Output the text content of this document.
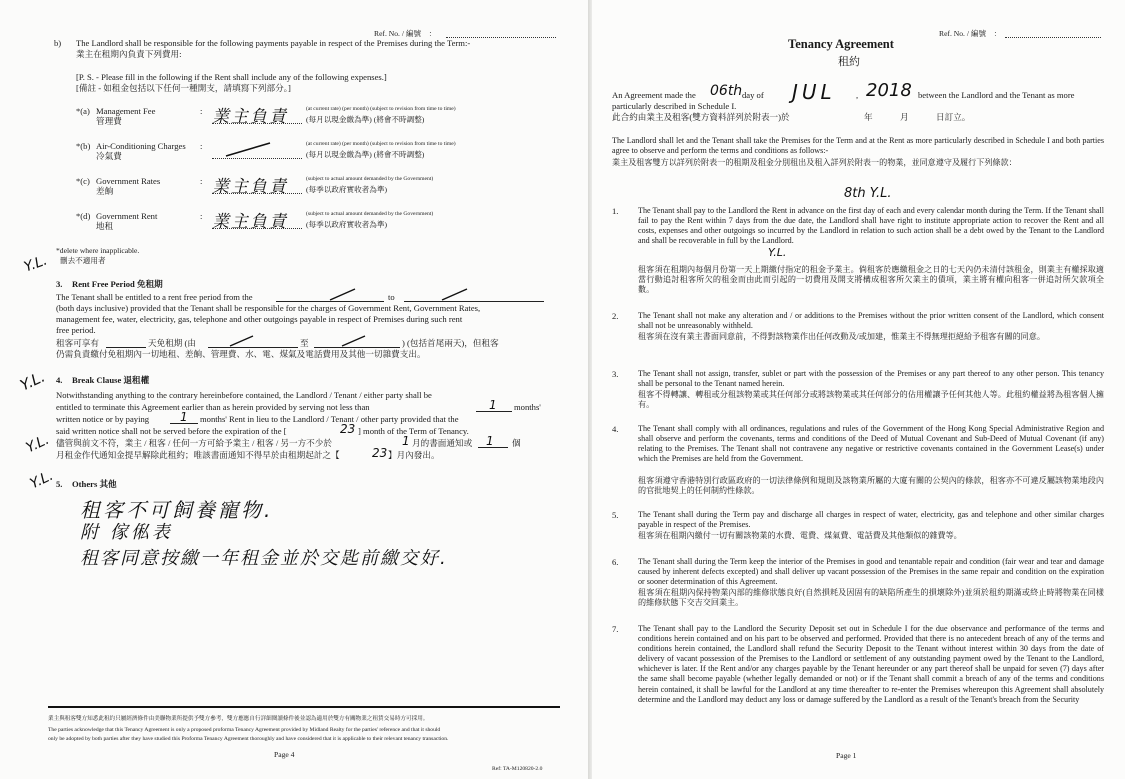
Ref. No. / 編號　：
b) The Landlord shall be responsible for the following payments payable in respect of the Premises during the Term:-
業主在租期內負責下列費用:
[P. S. - Please fill in the following if the Rent shall include any of the following expenses.]
[備註 - 如租金包括以下任何一種開支，請填寫下列部分。]
*(a) Management Fee
管理費
: 業主負責	(at current rate) (per month) (subject to revision from time to time)
(每月以現金繳為準) (將會不時調整)
*(b) Air-Conditioning Charges
冷氣費
:	(at current rate) (per month) (subject to revision from time to time)
(每月以現金繳為準) (將會不時調整)
*(c) Government Rates
差餉
: 業主負責	(subject to actual amount demanded by the Government)
(每季以政府實收者為準)
*(d) Government Rent
地租
: 業主負責	(subject to actual amount demanded by the Government)
(每季以政府實收者為準)
*delete where inapplicable.
刪去不適用者
Y.L.
Y.L.
Y.L.
Y.L.
3. Rent Free Period 免租期
The Tenant shall be entitled to a rent free period from the	to
(both days inclusive) provided that the Tenant shall be responsible for the charges of Government Rent, Government Rates,
management fee, water, electricity, gas, telephone and other outgoings payable in respect of Premises during such rent
free period.
租客可享有	天免租期 (由	至	) (包括首尾兩天)，但租客
仍需負責繳付免租期內一切地租、差餉、管理費、水、電、煤氣及電話費用及其他一切雜費支出。
4. Break Clause 退租權
Notwithstanding anything to the contrary hereinbefore contained, the Landlord / Tenant / either party shall be
entitled to terminate this Agreement earlier than as herein provided by serving not less than	1 months'
written notice or by paying	1 months' Rent in lieu to the Landlord / Tenant / other party provided that the
said written notice shall not be served before the expiration of the [	23 ] month of the Term of Tenancy.
儘管與前文不符，業主 / 租客 / 任何一方可給予業主 / 租客 / 另一方不少於	1 月的書面通知或 1 個
月租金作代通知金提早解除此租約；唯該書面通知不得早於由租期起計之【	23 】月內發出。
5. Others 其他
租客不可飼養寵物.
附 傢俬表
租客同意按繳一年租金並於交匙前繳交好.
業主與租客雙方知悉此租約只屬經濟條件由美聯物業所提供予雙方參考，雙方應應自行詳細閱讀條件後並認為適用於雙方有關物業之租賃交易時方可採用。
The parties acknowledge that this Tenancy Agreement is only a proposed proforma Tenancy Agreement provided by Midland Realty for the parties' reference and that it should
only be adopted by both parties after they have studied this Proforma Tenancy Agreement thoroughly and have considered that it is applicable to their relevant tenancy transaction.
Page 4
Ref: TA-M120820-2.0
Ref. No. / 編號　：
Tenancy Agreement
租約
An Agreement made the 06th day of JUL , 2018 between the Landlord and the Tenant as more
particularly described in Schedule I.
此合約由業主及租客(雙方資料詳列於附表一)於	年	月	日訂立。
The Landlord shall let and the Tenant shall take the Premises for the Term and at the Rent as more particularly described in Schedule I and both parties agree to observe and perform the terms and conditions as follows:-
業主及租客雙方以詳列於附表一的租期及租金分別租出及租入詳列於附表一的物業，並同意遵守及履行下列條款：
8th Y.L.
Y.L.
1. The Tenant shall pay to the Landlord the Rent in advance on the first day of each and every calendar month during the Term. If the Tenant shall fail to pay the Rent within 7 days from the due date, the Landlord shall have right to institute appropriate action to recover the Rent and all costs, expenses and other outgoings so incurred by the Landlord in relation to such action shall be a debt owed by the Tenant to the Landlord and shall be recoverable in full by the Landlord.
租客須在租期內每個月份第一天上期繳付指定的租金予業主。倘租客於應繳租金之日的七天內仍未清付該租金，則業主有權採取適當行動追討租客所欠的租金而由此而引起的一切費用及開支將構成租客所欠業主的債項，業主將有權向租客一併追討所欠款項全數。
2. The Tenant shall not make any alteration and / or additions to the Premises without the prior written consent of the Landlord, which consent shall not be unreasonably withheld.
租客須在沒有業主書面同意前，不得對該物業作出任何改動及/或加建，惟業主不得無理拒絕給予租客有關的同意。
3. The Tenant shall not assign, transfer, sublet or part with the possession of the Premises or any part thereof to any other person. This tenancy shall be personal to the Tenant named herein.
租客不得轉讓、轉租或分租該物業或其任何部分或將該物業或其任何部分的佔用權讓予任何其他人等。此租約權益將為租客個人擁有。
4. The Tenant shall comply with all ordinances, regulations and rules of the Government of the Hong Kong Special Administrative Region and shall observe and perform the covenants, terms and conditions of the Deed of Mutual Covenant and Sub-Deed of Mutual Covenant (if any) relating to the Premises. The Tenant shall not contravene any negative or restrictive covenants contained in the Government Lease(s) under which the Premises are held from the Government.
租客須遵守香港特別行政區政府的一切法律條例和規則及該物業所屬的大廈有關的公契內的條款，租客亦不可違反屬該物業地段內的官批地契上的任何制約性條款。
5. The Tenant shall during the Term pay and discharge all charges in respect of water, electricity, gas and telephone and other similar charges payable in respect of the Premises.
租客須在租期內繳付一切有關該物業的水費、電費、煤氣費、電話費及其他類似的雜費等。
6. The Tenant shall during the Term keep the interior of the Premises in good and tenantable repair and condition (fair wear and tear and damage caused by inherent defects excepted) and shall deliver up vacant possession of the Premises in the same repair and condition on the expiration or sooner determination of this Agreement.
租客須在租期內保持物業內部的維修狀態良好(自然損耗及因固有的缺陷所產生的損壞除外)並須於租約期滿或終止時將物業在同樣的維修狀態下交吉交回業主。
7. The Tenant shall pay to the Landlord the Security Deposit set out in Schedule I for the due observance and performance of the terms and conditions herein contained and on his part to be observed and performed. Provided that there is no antecedent breach of any of the terms and conditions herein contained, the Landlord shall refund the Security Deposit to the Tenant without interest within 30 days from the date of delivery of vacant possession of the Premises to the Landlord or settlement of any outstanding payment owed by the Tenant to the Landlord, whichever is later. If the Rent and/or any charges payable by the Tenant hereunder or any part thereof shall be unpaid for seven (7) days after the same shall become payable (whether legally demanded or not) or if the Tenant shall commit a breach of any of the terms and conditions herein contained, it shall be lawful for the Landlord at any time thereafter to re-enter the Premises whereupon this Agreement shall absolutely determine and the Landlord may deduct any loss or damage suffered by the Landlord as a result of the Tenant's breach from the Security
Page 1
